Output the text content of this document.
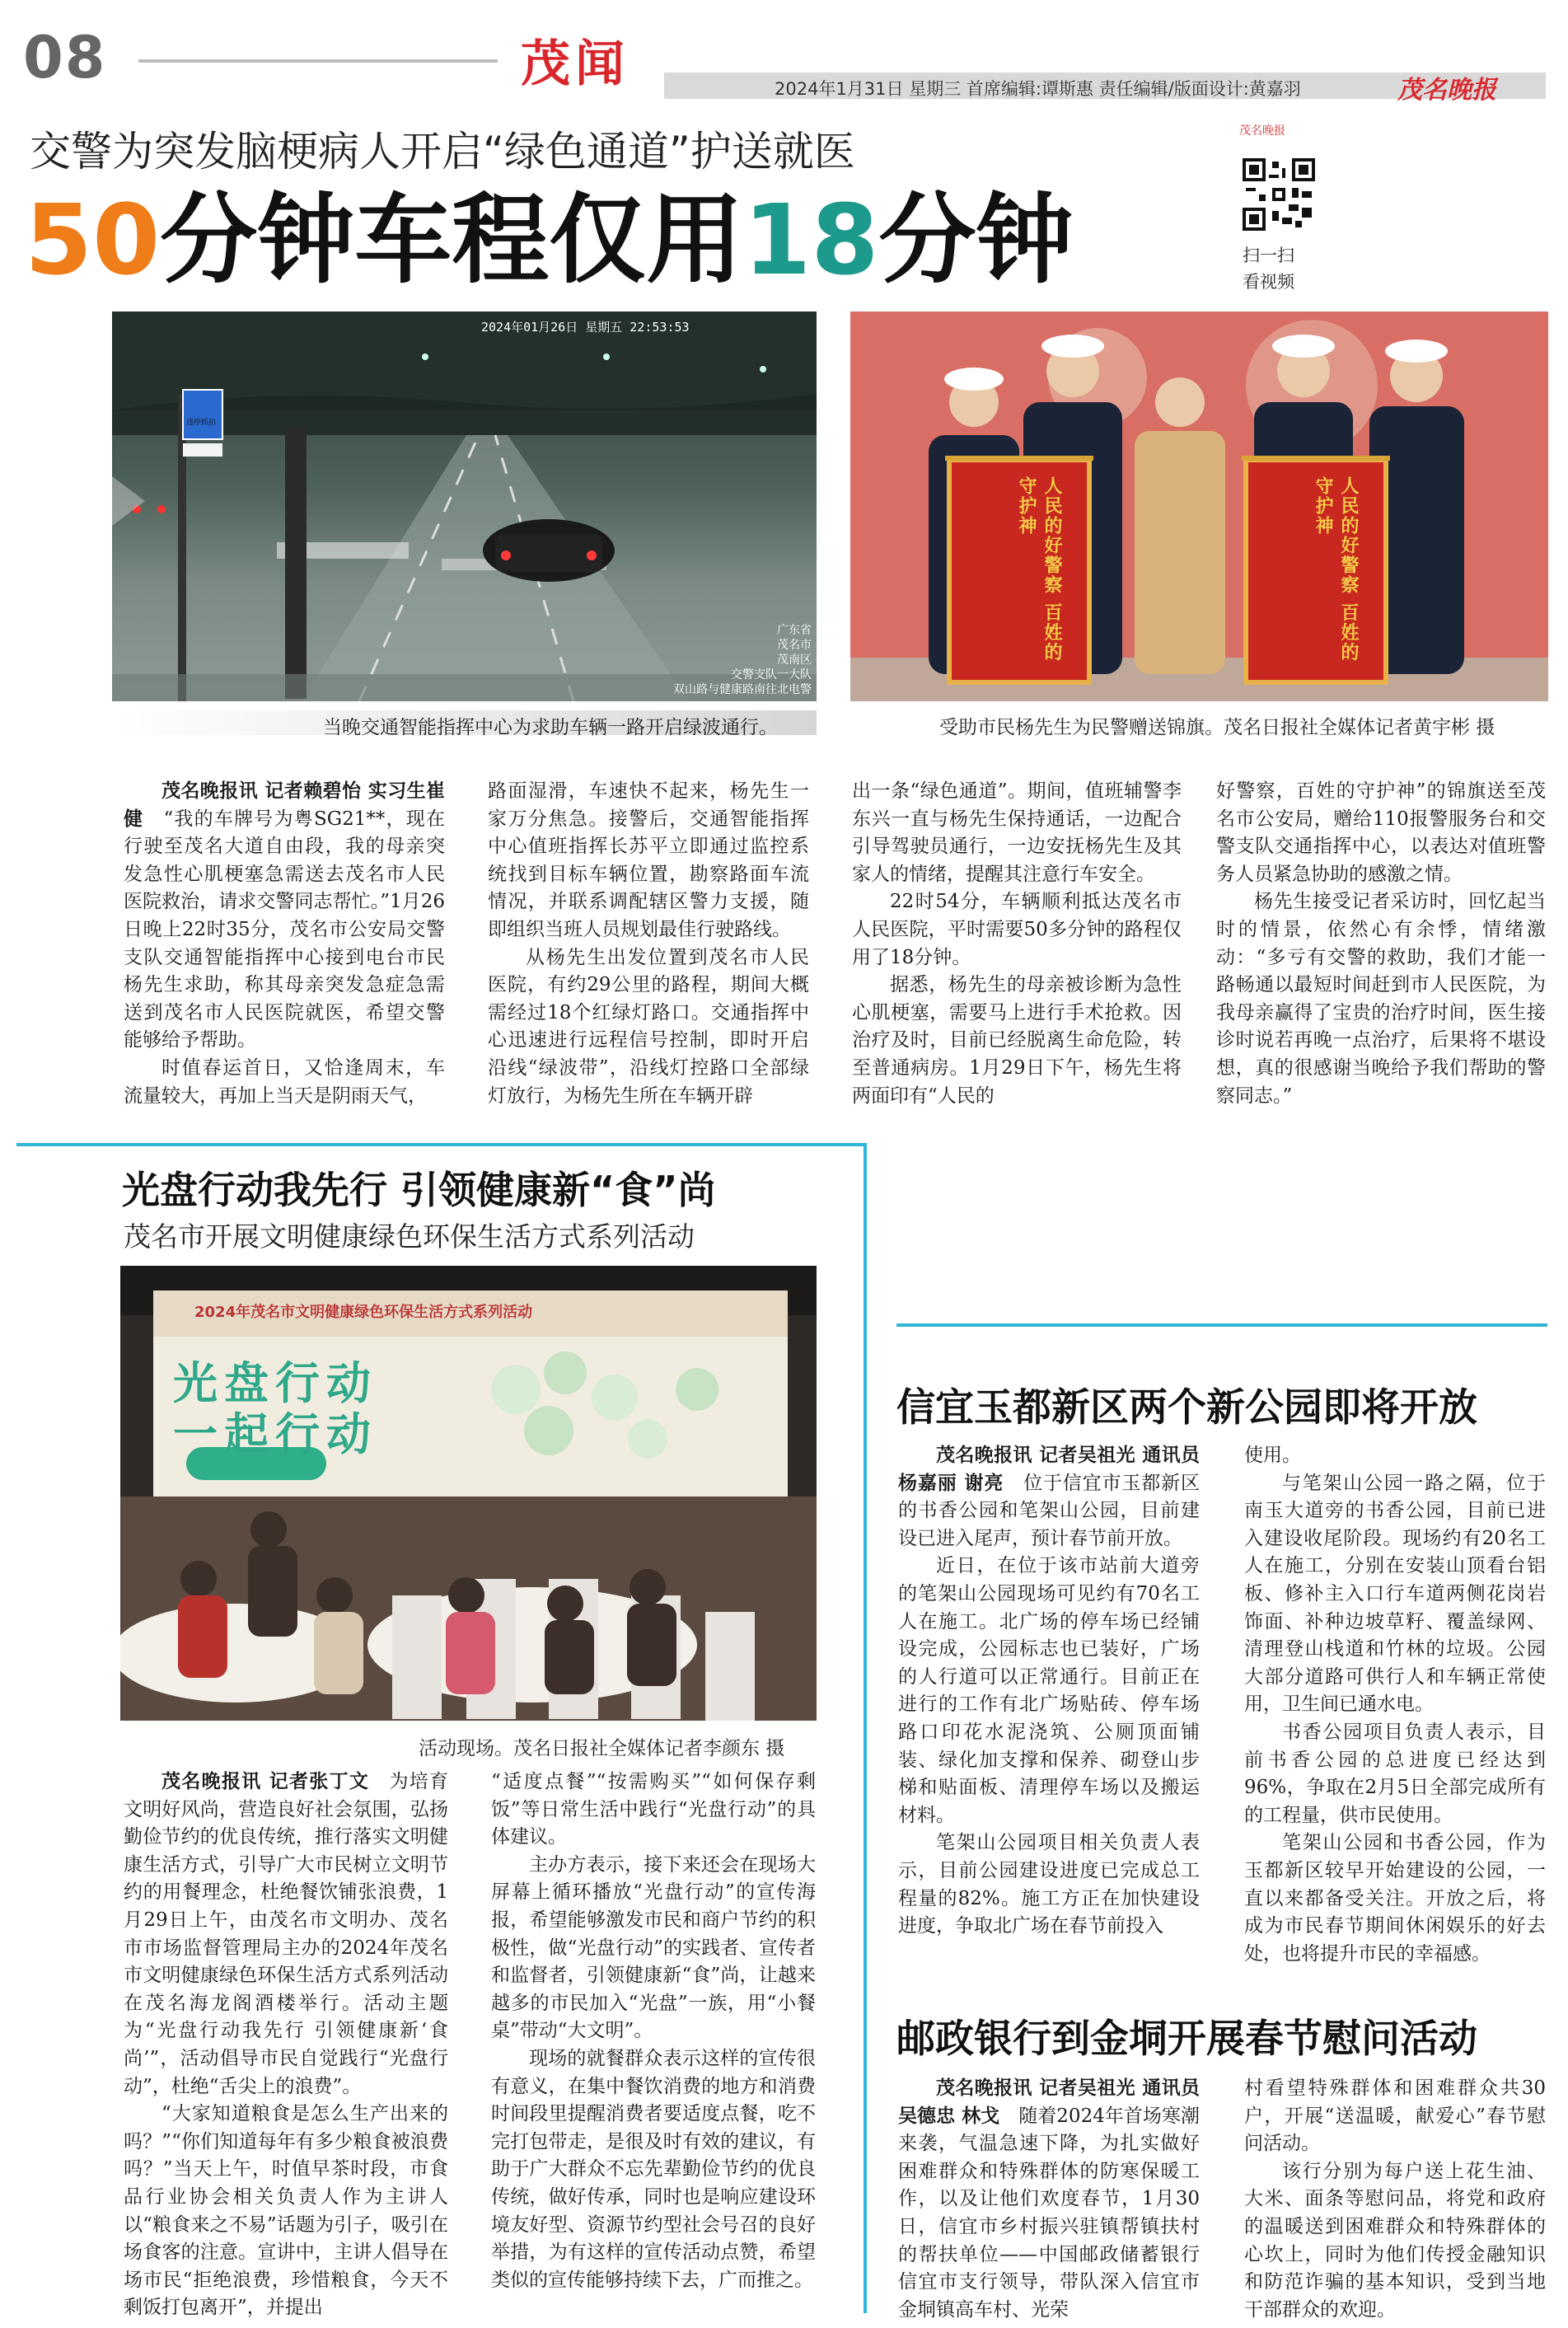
08	茂闻	2024年1月31日 星期三 首席编辑:谭斯惠 责任编辑/版面设计:黄嘉羽	茂名晚报
交警为突发脑梗病人开启“绿色通道”护送就医
50分钟车程仅用18分钟
茂名晚报
扫一扫
看视频
2024年01月26日 星期五 22:53:53
违停抓拍
广东省
茂名市
茂南区
交警支队一大队
双山路与健康路南往北电警
当晚交通智能指挥中心为求助车辆一路开启绿波通行。
人民的好警察 百姓的守护神	人民的好警察 百姓的守护神
受助市民杨先生为民警赠送锦旗。茂名日报社全媒体记者黄宇彬 摄

茂名晚报讯 记者赖碧怡 实习生崔健　 “我的车牌号为粤SG21**，现在行驶至茂名大道自由段，我的母亲突发急性心肌梗塞急需送去茂名市人民医院救治，请求交警同志帮忙。”1月26日晚上22时35分，茂名市公安局交警支队交通智能指挥中心接到电台市民杨先生求助，称其母亲突发急症急需送到茂名市人民医院就医，希望交警能够给予帮助。

时值春运首日，又恰逢周末，车流量较大，再加上当天是阴雨天气，

路面湿滑，车速快不起来，杨先生一家万分焦急。接警后，交通智能指挥中心值班指挥长苏平立即通过监控系统找到目标车辆位置，勘察路面车流情况，并联系调配辖区警力支援，随即组织当班人员规划最佳行驶路线。

从杨先生出发位置到茂名市人民医院，有约29公里的路程，期间大概需经过18个红绿灯路口。交通指挥中心迅速进行远程信号控制，即时开启沿线“绿波带”，沿线灯控路口全部绿灯放行，为杨先生所在车辆开辟

出一条“绿色通道”。期间，值班辅警李东兴一直与杨先生保持通话，一边配合引导驾驶员通行，一边安抚杨先生及其家人的情绪，提醒其注意行车安全。

22时54分，车辆顺利抵达茂名市人民医院，平时需要50多分钟的路程仅用了18分钟。

据悉，杨先生的母亲被诊断为急性心肌梗塞，需要马上进行手术抢救。因治疗及时，目前已经脱离生命危险，转至普通病房。1月29日下午，杨先生将两面印有“人民的

好警察，百姓的守护神”的锦旗送至茂名市公安局，赠给110报警服务台和交警支队交通指挥中心，以表达对值班警务人员紧急协助的感激之情。

杨先生接受记者采访时，回忆起当时的情景，依然心有余悸，情绪激动：“多亏有交警的救助，我们才能一路畅通以最短时间赶到市人民医院，为我母亲赢得了宝贵的治疗时间，医生接诊时说若再晚一点治疗，后果将不堪设想，真的很感谢当晚给予我们帮助的警察同志。”

光盘行动我先行 引领健康新“食”尚
茂名市开展文明健康绿色环保生活方式系列活动
2024年茂名市文明健康绿色环保生活方式系列活动
光盘行动
一起行动
活动现场。茂名日报社全媒体记者李颜东 摄

茂名晚报讯 记者张丁文　 为培育文明好风尚，营造良好社会氛围，弘扬勤俭节约的优良传统，推行落实文明健康生活方式，引导广大市民树立文明节约的用餐理念，杜绝餐饮铺张浪费，1月29日上午，由茂名市文明办、茂名市市场监督管理局主办的2024年茂名市文明健康绿色环保生活方式系列活动在茂名海龙阁酒楼举行。活动主题为“光盘行动我先行 引领健康新‘食尚’”，活动倡导市民自觉践行“光盘行动”，杜绝“舌尖上的浪费”。

“大家知道粮食是怎么生产出来的吗？”“你们知道每年有多少粮食被浪费吗？”当天上午，时值早茶时段，市食品行业协会相关负责人作为主讲人以“粮食来之不易”话题为引子，吸引在场食客的注意。宣讲中，主讲人倡导在场市民“拒绝浪费，珍惜粮食，今天不剩饭打包离开”，并提出

“适度点餐”“按需购买”“如何保存剩饭”等日常生活中践行“光盘行动”的具体建议。

主办方表示，接下来还会在现场大屏幕上循环播放“光盘行动”的宣传海报，希望能够激发市民和商户节约的积极性，做“光盘行动”的实践者、宣传者和监督者，引领健康新“食”尚，让越来越多的市民加入“光盘”一族，用“小餐桌”带动“大文明”。

现场的就餐群众表示这样的宣传很有意义，在集中餐饮消费的地方和消费时间段里提醒消费者要适度点餐，吃不完打包带走，是很及时有效的建议，有助于广大群众不忘先辈勤俭节约的优良传统，做好传承，同时也是响应建设环境友好型、资源节约型社会号召的良好举措，为有这样的宣传活动点赞，希望类似的宣传能够持续下去，广而推之。

信宜玉都新区两个新公园即将开放

茂名晚报讯 记者吴祖光 通讯员杨嘉丽 谢亮　 位于信宜市玉都新区的书香公园和笔架山公园，目前建设已进入尾声，预计春节前开放。

近日，在位于该市站前大道旁的笔架山公园现场可见约有70名工人在施工。北广场的停车场已经铺设完成，公园标志也已装好，广场的人行道可以正常通行。目前正在进行的工作有北广场贴砖、停车场路口印花水泥浇筑、公厕顶面铺装、绿化加支撑和保养、砌登山步梯和贴面板、清理停车场以及搬运材料。

笔架山公园项目相关负责人表示，目前公园建设进度已完成总工程量的82%。施工方正在加快建设进度，争取北广场在春节前投入

使用。

与笔架山公园一路之隔，位于南玉大道旁的书香公园，目前已进入建设收尾阶段。现场约有20名工人在施工，分别在安装山顶看台铝板、修补主入口行车道两侧花岗岩饰面、补种边坡草籽、覆盖绿网、清理登山栈道和竹林的垃圾。公园大部分道路可供行人和车辆正常使用，卫生间已通水电。

书香公园项目负责人表示，目前书香公园的总进度已经达到96%，争取在2月5日全部完成所有的工程量，供市民使用。

笔架山公园和书香公园，作为玉都新区较早开始建设的公园，一直以来都备受关注。开放之后，将成为市民春节期间休闲娱乐的好去处，也将提升市民的幸福感。

邮政银行到金垌开展春节慰问活动

茂名晚报讯 记者吴祖光 通讯员吴德忠 林戈　 随着2024年首场寒潮来袭，气温急速下降，为扎实做好困难群众和特殊群体的防寒保暖工作，以及让他们欢度春节，1月30日，信宜市乡村振兴驻镇帮镇扶村的帮扶单位——中国邮政储蓄银行信宜市支行领导，带队深入信宜市金垌镇高车村、光荣

村看望特殊群体和困难群众共30户，开展“送温暖，献爱心”春节慰问活动。

该行分别为每户送上花生油、大米、面条等慰问品，将党和政府的温暖送到困难群众和特殊群体的心坎上，同时为他们传授金融知识和防范诈骗的基本知识，受到当地干部群众的欢迎。
